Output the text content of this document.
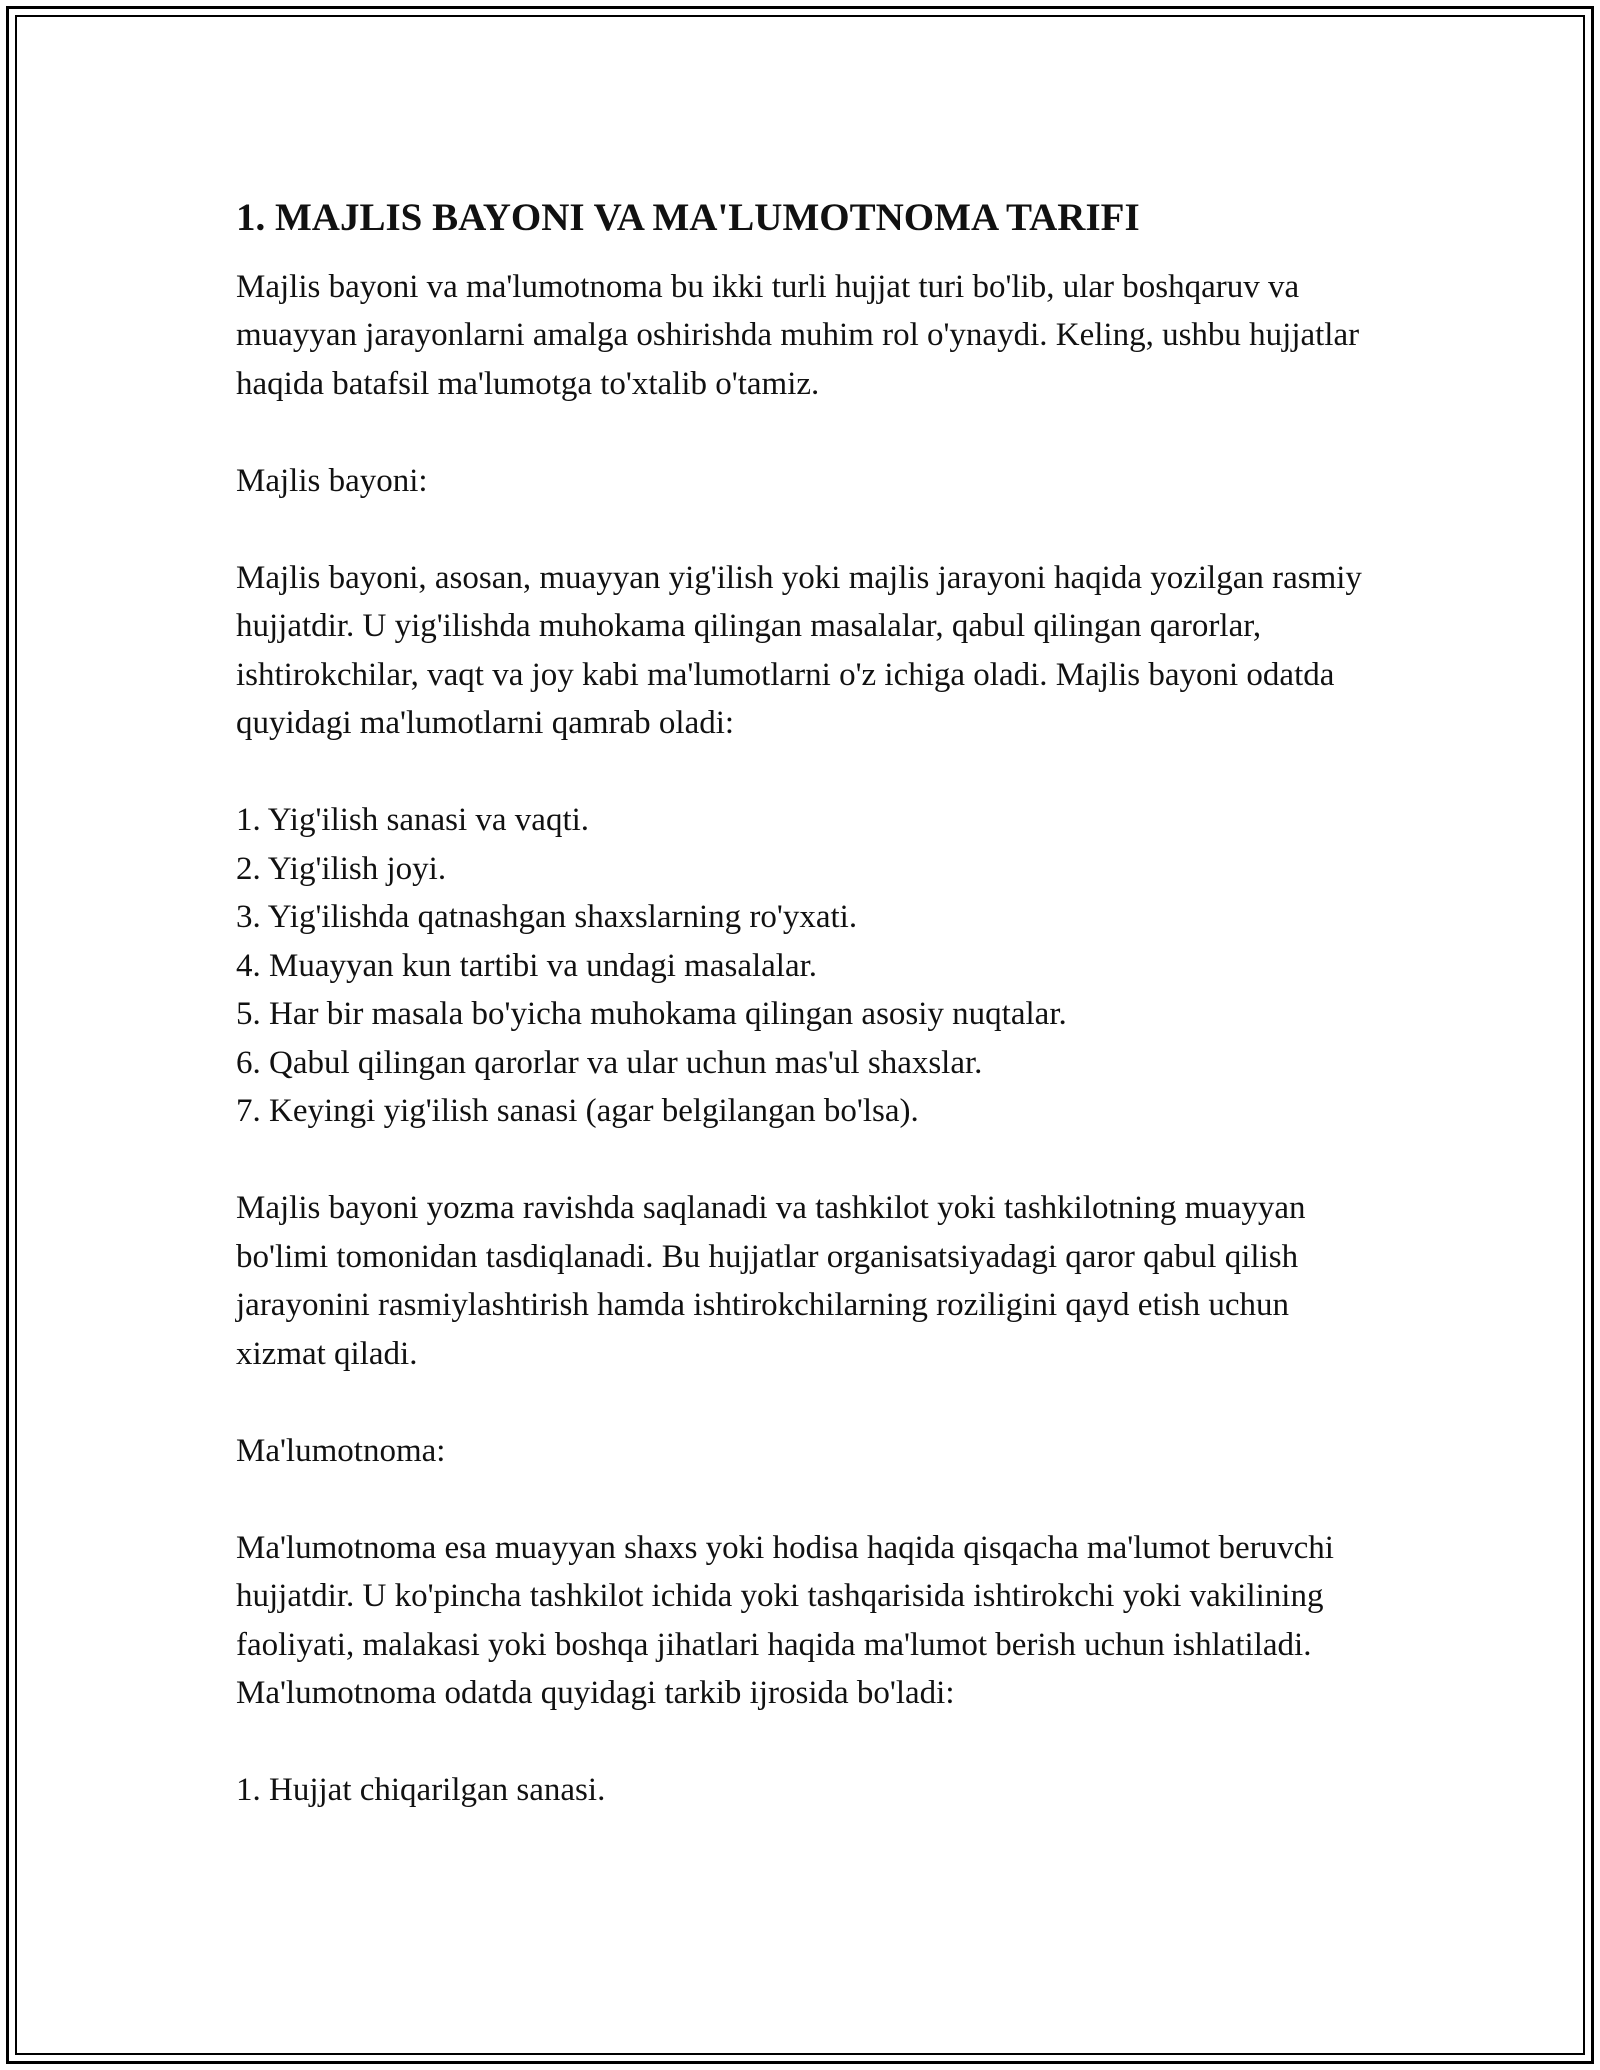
1. MAJLIS BAYONI VA MA'LUMOTNOMA TARIFI

Majlis bayoni va ma'lumotnoma bu ikki turli hujjat turi bo'lib, ular boshqaruv va muayyan jarayonlarni amalga oshirishda muhim rol o'ynaydi. Keling, ushbu hujjatlar haqida batafsil ma'lumotga to'xtalib o'tamiz.

Majlis bayoni:

Majlis bayoni, asosan, muayyan yig'ilish yoki majlis jarayoni haqida yozilgan rasmiy hujjatdir. U yig'ilishda muhokama qilingan masalalar, qabul qilingan qarorlar, ishtirokchilar, vaqt va joy kabi ma'lumotlarni o'z ichiga oladi. Majlis bayoni odatda quyidagi ma'lumotlarni qamrab oladi:

1. Yig'ilish sanasi va vaqti.
2. Yig'ilish joyi.
3. Yig'ilishda qatnashgan shaxslarning ro'yxati.
4. Muayyan kun tartibi va undagi masalalar.
5. Har bir masala bo'yicha muhokama qilingan asosiy nuqtalar.
6. Qabul qilingan qarorlar va ular uchun mas'ul shaxslar.
7. Keyingi yig'ilish sanasi (agar belgilangan bo'lsa).

Majlis bayoni yozma ravishda saqlanadi va tashkilot yoki tashkilotning muayyan bo'limi tomonidan tasdiqlanadi. Bu hujjatlar organisatsiyadagi qaror qabul qilish jarayonini rasmiylashtirish hamda ishtirokchilarning roziligini qayd etish uchun xizmat qiladi.

Ma'lumotnoma:

Ma'lumotnoma esa muayyan shaxs yoki hodisa haqida qisqacha ma'lumot beruvchi hujjatdir. U ko'pincha tashkilot ichida yoki tashqarisida ishtirokchi yoki vakilining faoliyati, malakasi yoki boshqa jihatlari haqida ma'lumot berish uchun ishlatiladi. Ma'lumotnoma odatda quyidagi tarkib ijrosida bo'ladi:

1. Hujjat chiqarilgan sanasi.
